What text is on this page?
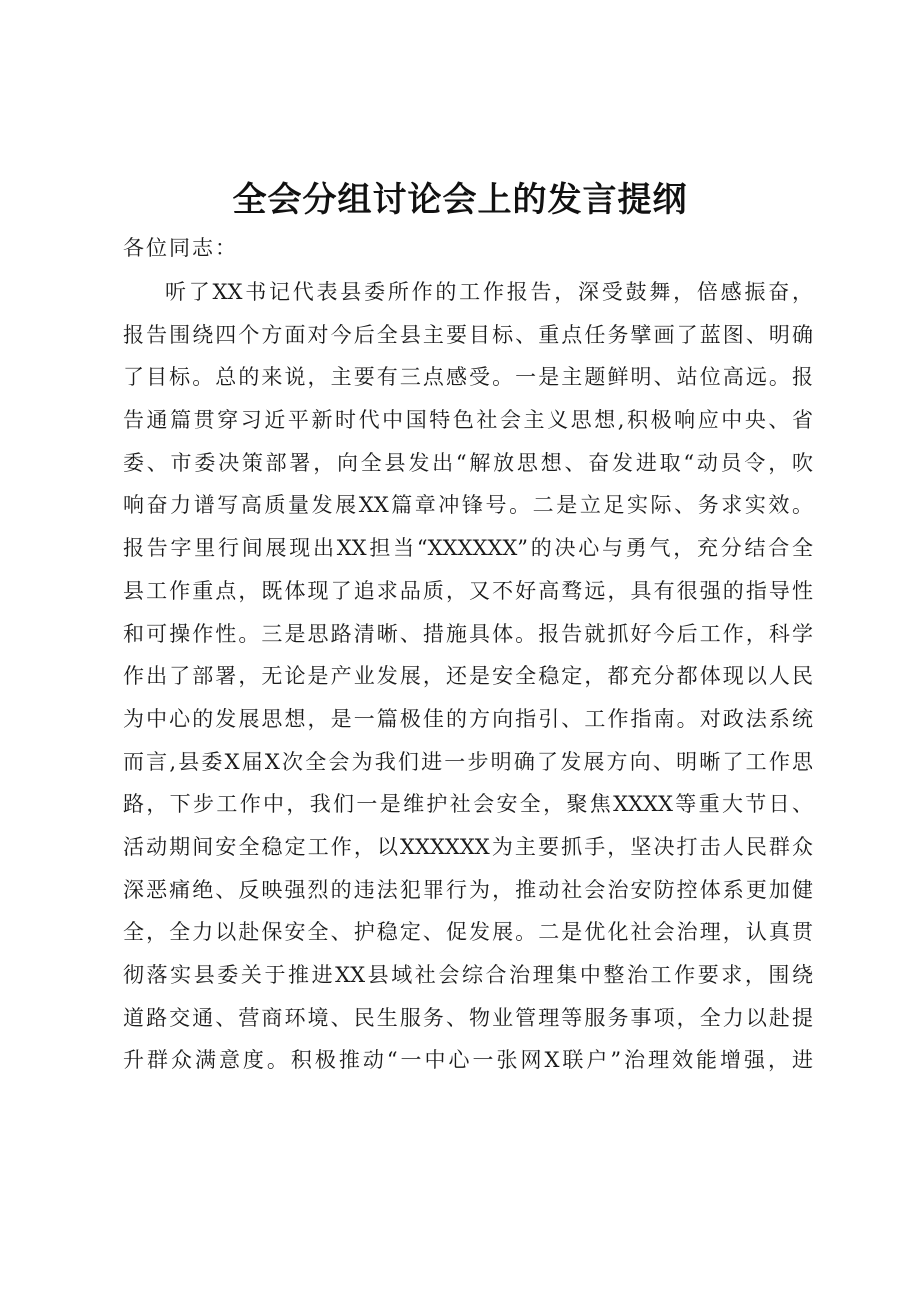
全会分组讨论会上的发言提纲
各位同志：
听了XX书记代表县委所作的工作报告，深受鼓舞，倍感振奋，
报告围绕四个方面对今后全县主要目标、重点任务擘画了蓝图、明确
了目标。总的来说，主要有三点感受。一是主题鲜明、站位高远。报
告通篇贯穿习近平新时代中国特色社会主义思想,积极响应中央、省
委、市委决策部署，向全县发出“解放思想、奋发进取“动员令，吹
响奋力谱写高质量发展XX篇章冲锋号。二是立足实际、务求实效。
报告字里行间展现出XX担当“XXXXXX”的决心与勇气，充分结合全
县工作重点，既体现了追求品质，又不好高骛远，具有很强的指导性
和可操作性。三是思路清晰、措施具体。报告就抓好今后工作，科学
作出了部署，无论是产业发展，还是安全稳定，都充分都体现以人民
为中心的发展思想，是一篇极佳的方向指引、工作指南。对政法系统
而言,县委X届X次全会为我们进一步明确了发展方向、明晰了工作思
路，下步工作中，我们一是维护社会安全，聚焦XXXX等重大节日、
活动期间安全稳定工作，以XXXXXX为主要抓手，坚决打击人民群众
深恶痛绝、反映强烈的违法犯罪行为，推动社会治安防控体系更加健
全，全力以赴保安全、护稳定、促发展。二是优化社会治理，认真贯
彻落实县委关于推进XX县域社会综合治理集中整治工作要求，围绕
道路交通、营商环境、民生服务、物业管理等服务事项，全力以赴提
升群众满意度。积极推动“一中心一张网X联户”治理效能增强，进
